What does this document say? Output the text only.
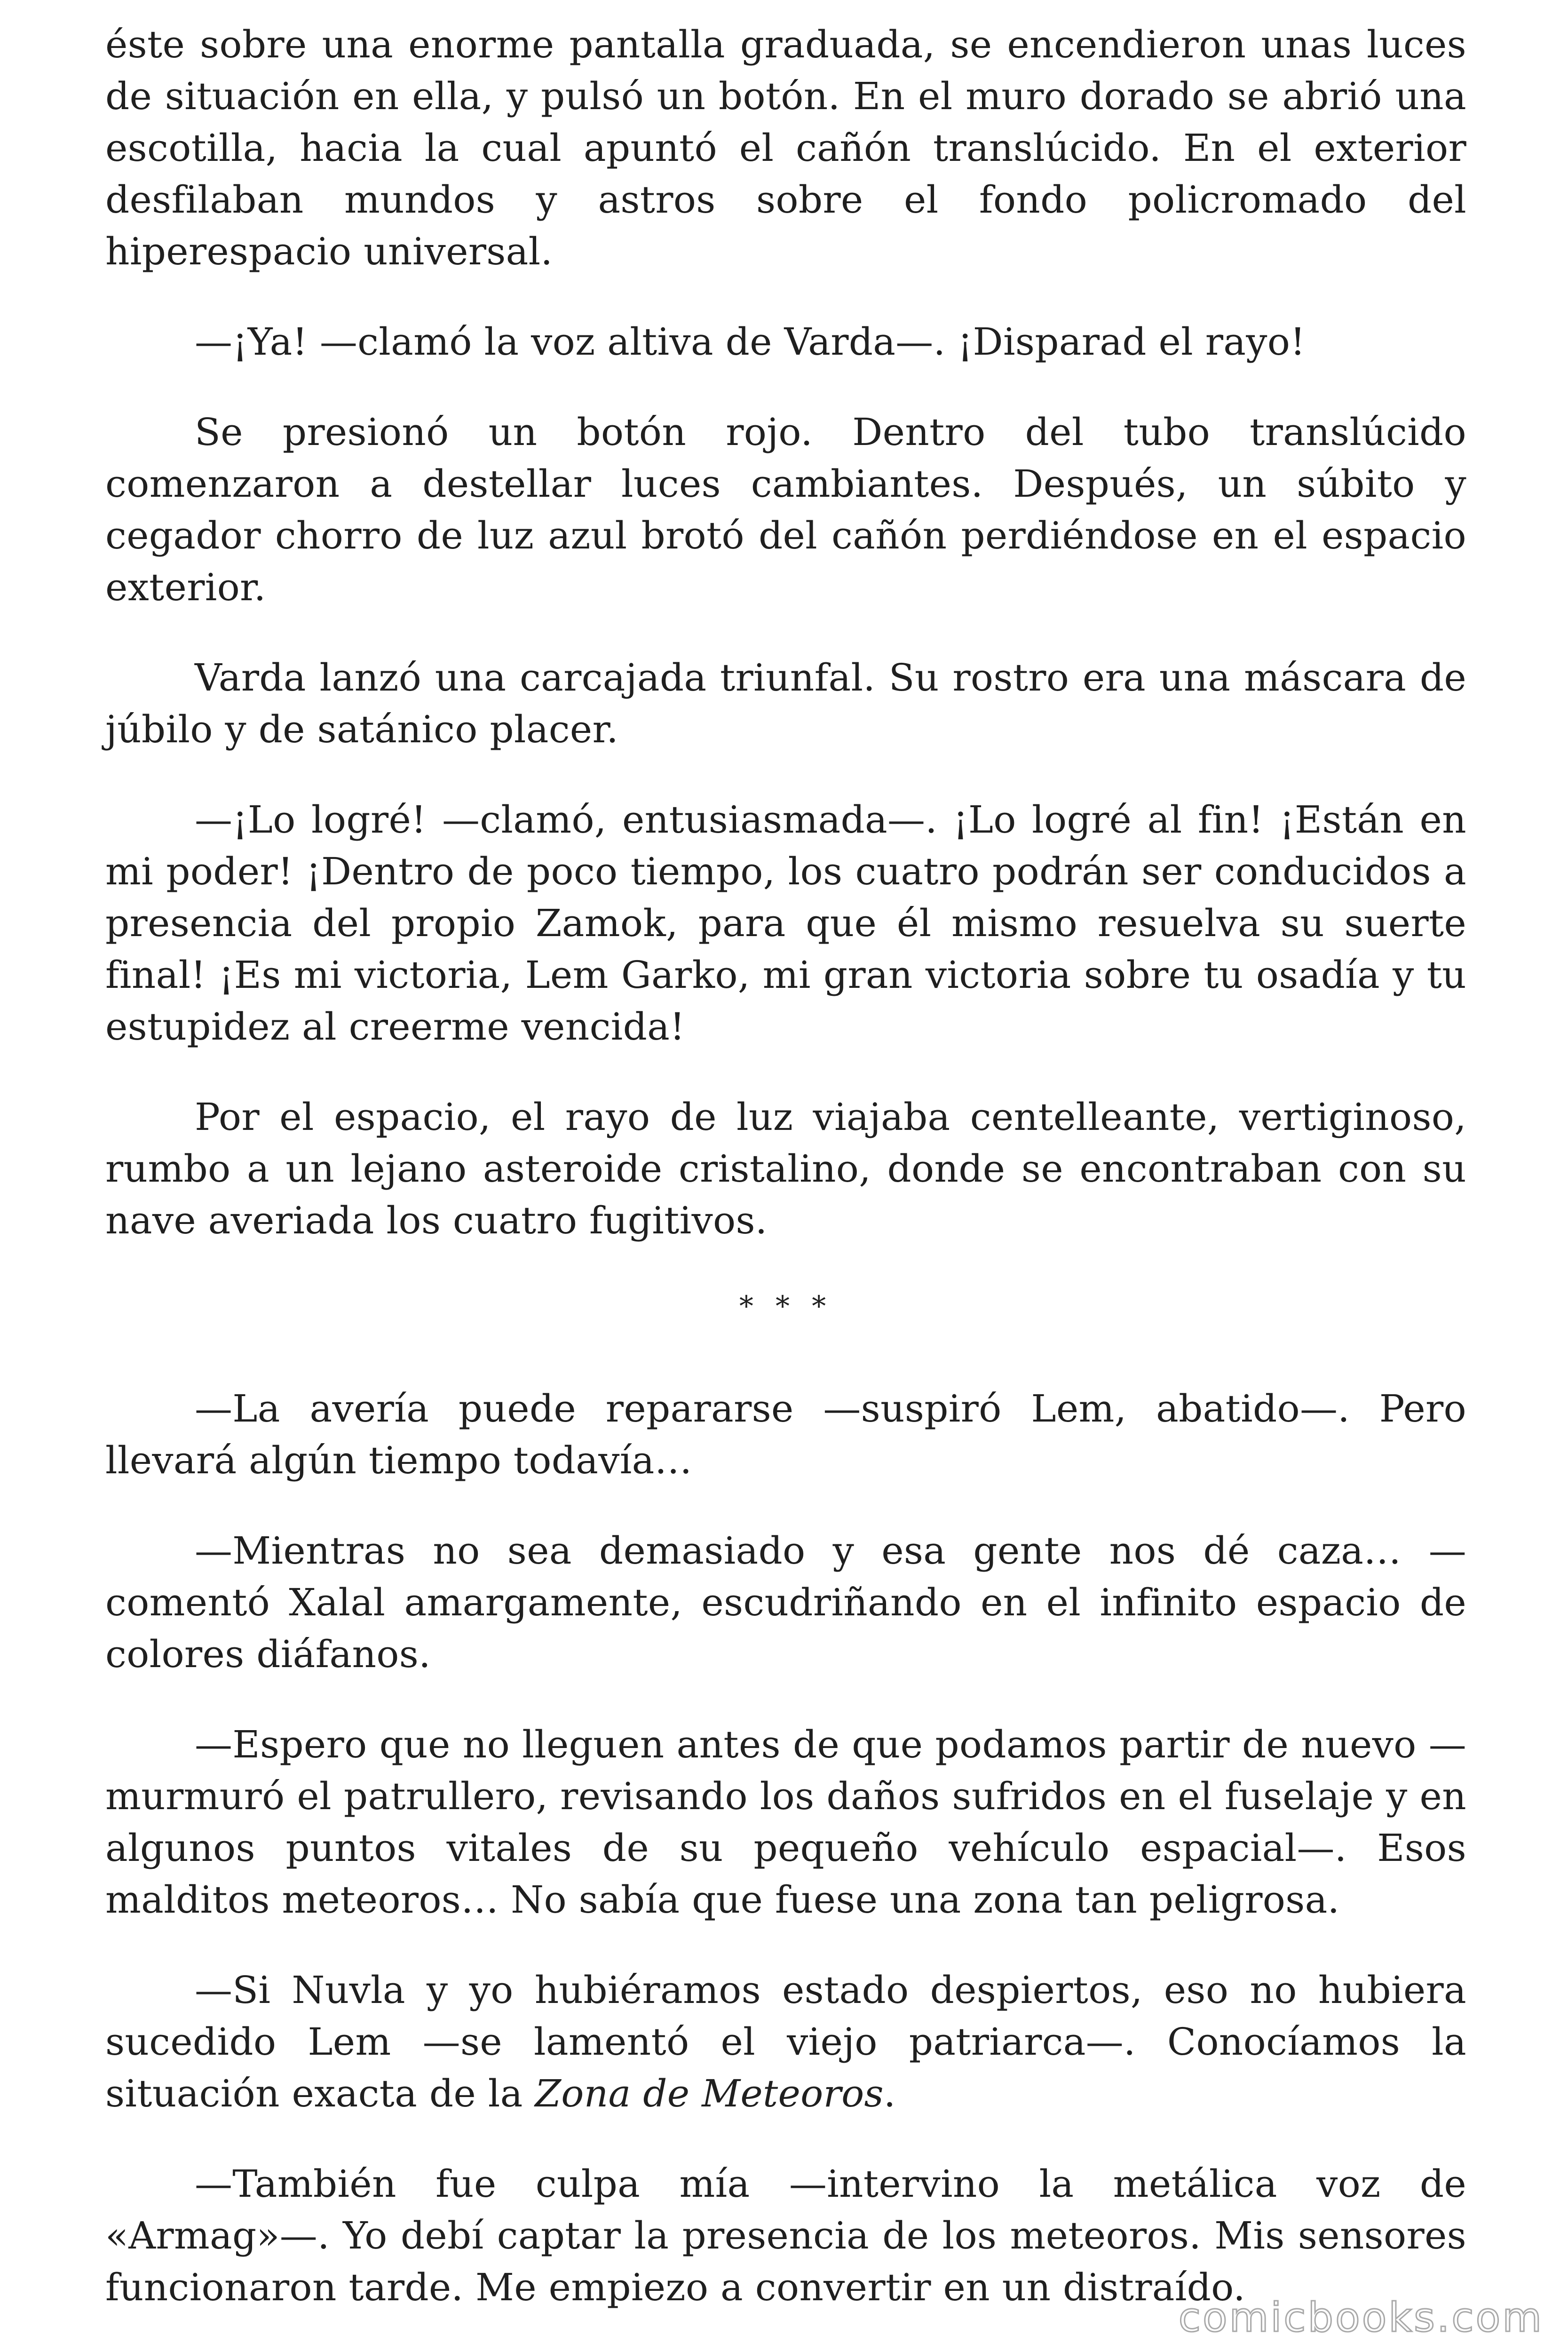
éste sobre una enorme pantalla graduada, se encendieron unas luces de situación en ella, y pulsó un botón. En el muro dorado se abrió una escotilla, hacia la cual apuntó el cañón translúcido. En el exterior desfilaban mundos y astros sobre el fondo policromado del hiperespacio universal.

—¡Ya! —clamó la voz altiva de Varda—. ¡Disparad el rayo!

Se presionó un botón rojo. Dentro del tubo translúcido comenzaron a destellar luces cambiantes. Después, un súbito y cegador chorro de luz azul brotó del cañón perdiéndose en el espacio exterior.

Varda lanzó una carcajada triunfal. Su rostro era una máscara de júbilo y de satánico placer.

—¡Lo logré! —clamó, entusiasmada—. ¡Lo logré al fin! ¡Están en mi poder! ¡Dentro de poco tiempo, los cuatro podrán ser conducidos a presencia del propio Zamok, para que él mismo resuelva su suerte final! ¡Es mi victoria, Lem Garko, mi gran victoria sobre tu osadía y tu estupidez al creerme vencida!

Por el espacio, el rayo de luz viajaba centelleante, vertiginoso, rumbo a un lejano asteroide cristalino, donde se encontraban con su nave averiada los cuatro fugitivos.

* * *

—La avería puede repararse —suspiró Lem, abatido—. Pero llevará algún tiempo todavía…

—Mientras no sea demasiado y esa gente nos dé caza… —comentó Xalal amargamente, escudriñando en el infinito espacio de colores diáfanos.

—Espero que no lleguen antes de que podamos partir de nuevo —murmuró el patrullero, revisando los daños sufridos en el fuselaje y en algunos puntos vitales de su pequeño vehículo espacial—. Esos malditos meteoros… No sabía que fuese una zona tan peligrosa.

—Si Nuvla y yo hubiéramos estado despiertos, eso no hubiera sucedido Lem —se lamentó el viejo patriarca—. Conocíamos la situación exacta de la Zona de Meteoros.

—También fue culpa mía —intervino la metálica voz de «Armag»—. Yo debí captar la presencia de los meteoros. Mis sensores funcionaron tarde. Me empiezo a convertir en un distraído.

comicbooks.com
